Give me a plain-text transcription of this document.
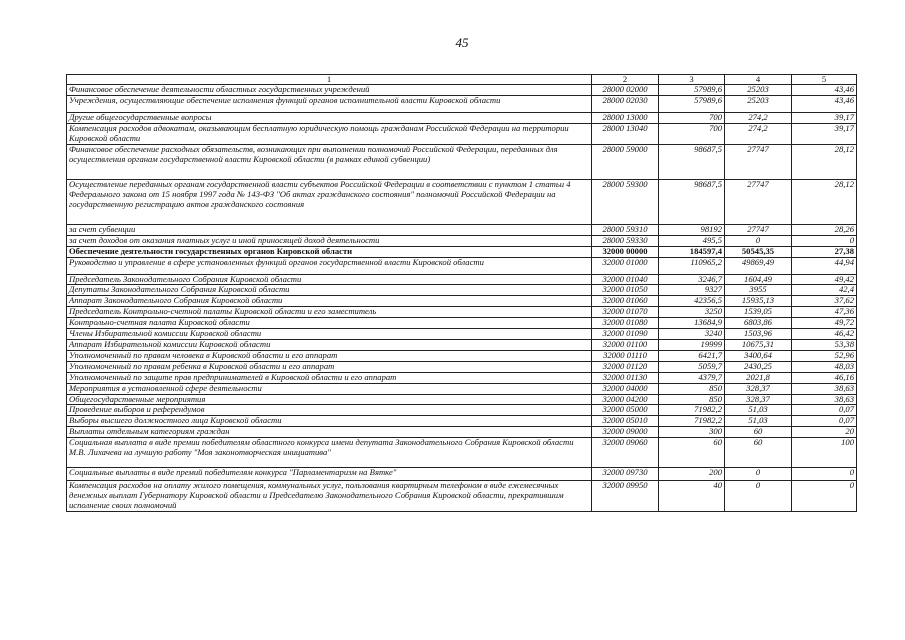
45
1	2	3	4	5
Финансовое обеспечение деятельности областных государственных учреждений	28000 02000	57989,6	25203	43,46
Учреждения, осуществляющие обеспечение исполнения функций органов исполнительной власти Кировской области	28000 02030	57989,6	25203	43,46
Другие общегосударственные вопросы	28000 13000	700	274,2	39,17
Компенсация расходов адвокатам, оказывающим бесплатную юридическую помощь гражданам Российской Федерации на территории Кировской области	28000 13040	700	274,2	39,17
Финансовое обеспечение расходных обязательств, возникающих при выполнении полномочий Российской Федерации, переданных для осуществления органам государственной власти Кировской области (в рамках единой субвенции)	28000 59000	98687,5	27747	28,12
Осуществление переданных органам государственной власти субъектов Российской Федерации в соответствии с пунктом 1 статьи 4 Федерального закона от 15 ноября 1997 года № 143-ФЗ "Об актах гражданского состояния" полномочий Российской Федерации на государственную регистрацию актов гражданского состояния	28000 59300	98687,5	27747	28,12
за счет субвенции	28000 59310	98192	27747	28,26
за счет доходов от оказания платных услуг и иной приносящей доход деятельности	28000 59330	495,5	0	0
Обеспечение деятельности государственных органов Кировской области	32000 00000	184597,4	50545,35	27,38
Руководство и управление в сфере установленных функций органов государственной власти Кировской области	32000 01000	110965,2	49869,49	44,94
Председатель Законодательного Собрания Кировской области	32000 01040	3246,7	1604,49	49,42
Депутаты Законодательного Собрания Кировской области	32000 01050	9327	3955	42,4
Аппарат Законодательного Собрания Кировской области	32000 01060	42356,5	15935,13	37,62
Председатель Контрольно-счетной палаты Кировской области и его заместитель	32000 01070	3250	1539,05	47,36
Контрольно-счетная палата Кировской области	32000 01080	13684,9	6803,86	49,72
Члены Избирательной комиссии Кировской области	32000 01090	3240	1503,96	46,42
Аппарат Избирательной комиссии Кировской области	32000 01100	19999	10675,31	53,38
Уполномоченный по правам человека в Кировской области и его аппарат	32000 01110	6421,7	3400,64	52,96
Уполномоченный по правам ребенка в Кировской области и его аппарат	32000 01120	5059,7	2430,25	48,03
Уполномоченный по защите прав предпринимателей в Кировской области и его аппарат	32000 01130	4379,7	2021,8	46,16
Мероприятия в установленной сфере деятельности	32000 04000	850	328,37	38,63
Общегосударственные мероприятия	32000 04200	850	328,37	38,63
Проведение выборов и референдумов	32000 05000	71982,2	51,03	0,07
Выборы высшего должностного лица Кировской области	32000 05010	71982,2	51,03	0,07
Выплаты отдельным категориям граждан	32000 09000	300	60	20
Социальная выплата в виде премии победителям областного конкурса имени депутата Законодательного Собрания Кировской области М.В. Лихачева на лучшую работу "Моя законотворческая инициатива"	32000 09060	60	60	100
Социальные выплаты в виде премий победителям конкурса "Парламентаризм на Вятке"	32000 09730	200	0	0
Компенсация расходов на оплату жилого помещения, коммунальных услуг, пользования квартирным телефоном в виде ежемесячных денежных выплат Губернатору Кировской области и Председателю Законодательного Собрания Кировской области, прекратившим исполнение своих полномочий	32000 09950	40	0	0
